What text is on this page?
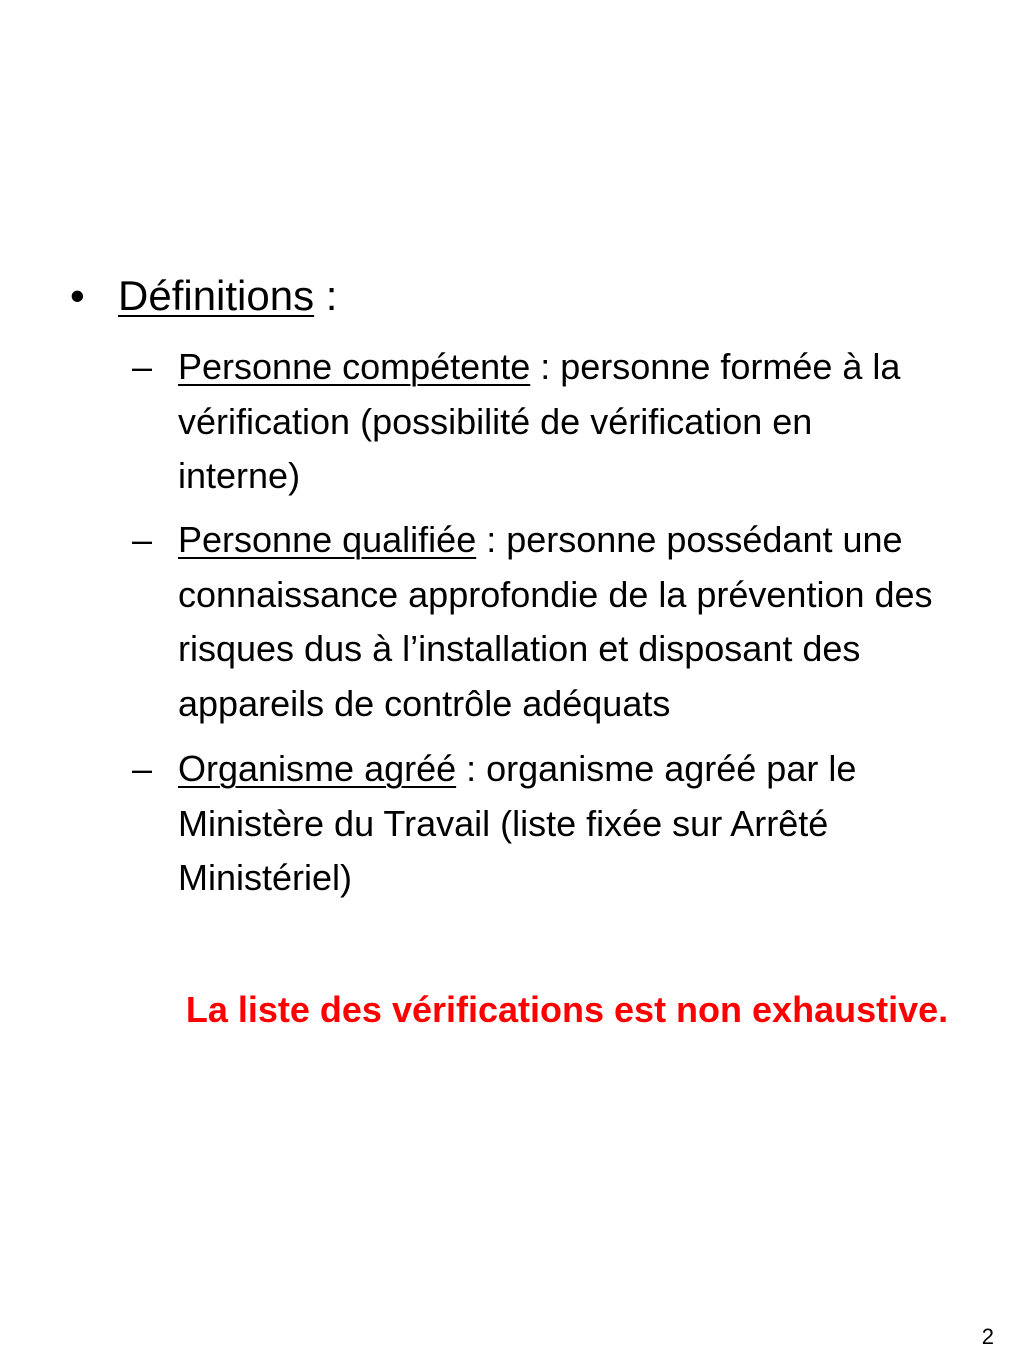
• Définitions :
– Personne compétente : personne formée à la
vérification (possibilité de vérification en
interne)
– Personne qualifiée : personne possédant une
connaissance approfondie de la prévention des
risques dus à l’installation et disposant des
appareils de contrôle adéquats
– Organisme agréé : organisme agréé par le
Ministère du Travail (liste fixée sur Arrêté
Ministériel)
La liste des vérifications est non exhaustive.
2
